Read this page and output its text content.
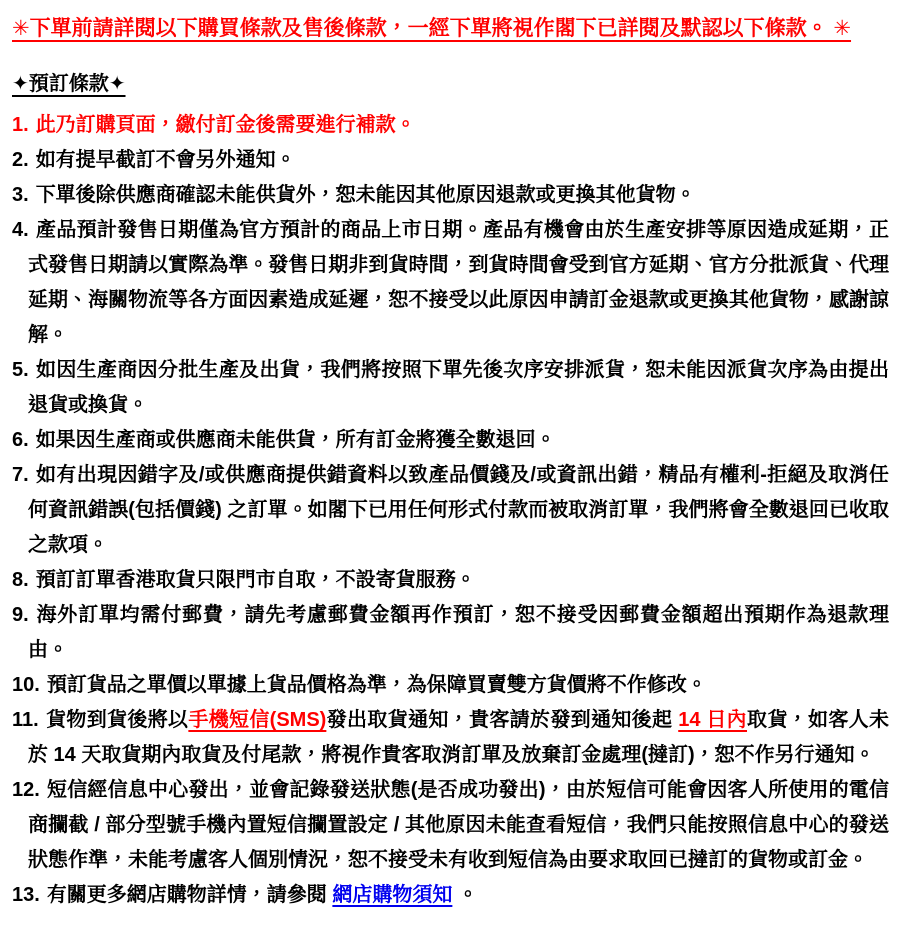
✳下單前請詳閱以下購買條款及售後條款，一經下單將視作閣下已詳閱及默認以下條款。 ✳

✦預訂條款✦
1. 此乃訂購頁面，繳付訂金後需要進行補款。
2. 如有提早截訂不會另外通知。
3. 下單後除供應商確認未能供貨外，恕未能因其他原因退款或更換其他貨物。
4. 產品預計發售日期僅為官方預計的商品上市日期。產品有機會由於生產安排等原因造成延期，正式發售日期請以實際為準。發售日期非到貨時間，到貨時間會受到官方延期、官方分批派貨、代理延期、海關物流等各方面因素造成延遲，恕不接受以此原因申請訂金退款或更換其他貨物，感謝諒解。
5. 如因生產商因分批生產及出貨，我們將按照下單先後次序安排派貨，恕未能因派貨次序為由提出退貨或換貨。
6. 如果因生產商或供應商未能供貨，所有訂金將獲全數退回。
7. 如有出現因錯字及/或供應商提供錯資料以致產品價錢及/或資訊出錯，精品有權利-拒絕及取消任何資訊錯誤(包括價錢) 之訂單。如閣下已用任何形式付款而被取消訂單，我們將會全數退回已收取之款項。
8. 預訂訂單香港取貨只限門市自取，不設寄貨服務。
9. 海外訂單均需付郵費，請先考慮郵費金額再作預訂，恕不接受因郵費金額超出預期作為退款理由。
10. 預訂貨品之單價以單據上貨品價格為準，為保障買賣雙方貨價將不作修改。
11. 貨物到貨後將以手機短信(SMS)發出取貨通知，貴客請於發到通知後起 14 日內取貨，如客人未於 14 天取貨期內取貨及付尾款，將視作貴客取消訂單及放棄訂金處理(撻訂)，恕不作另行通知。
12. 短信經信息中心發出，並會記錄發送狀態(是否成功發出)，由於短信可能會因客人所使用的電信商攔截 / 部分型號手機內置短信攔置設定 / 其他原因未能查看短信，我們只能按照信息中心的發送狀態作準，未能考慮客人個別情況，恕不接受未有收到短信為由要求取回已撻訂的貨物或訂金。
13. 有關更多網店購物詳情，請參閱 網店購物須知 。
